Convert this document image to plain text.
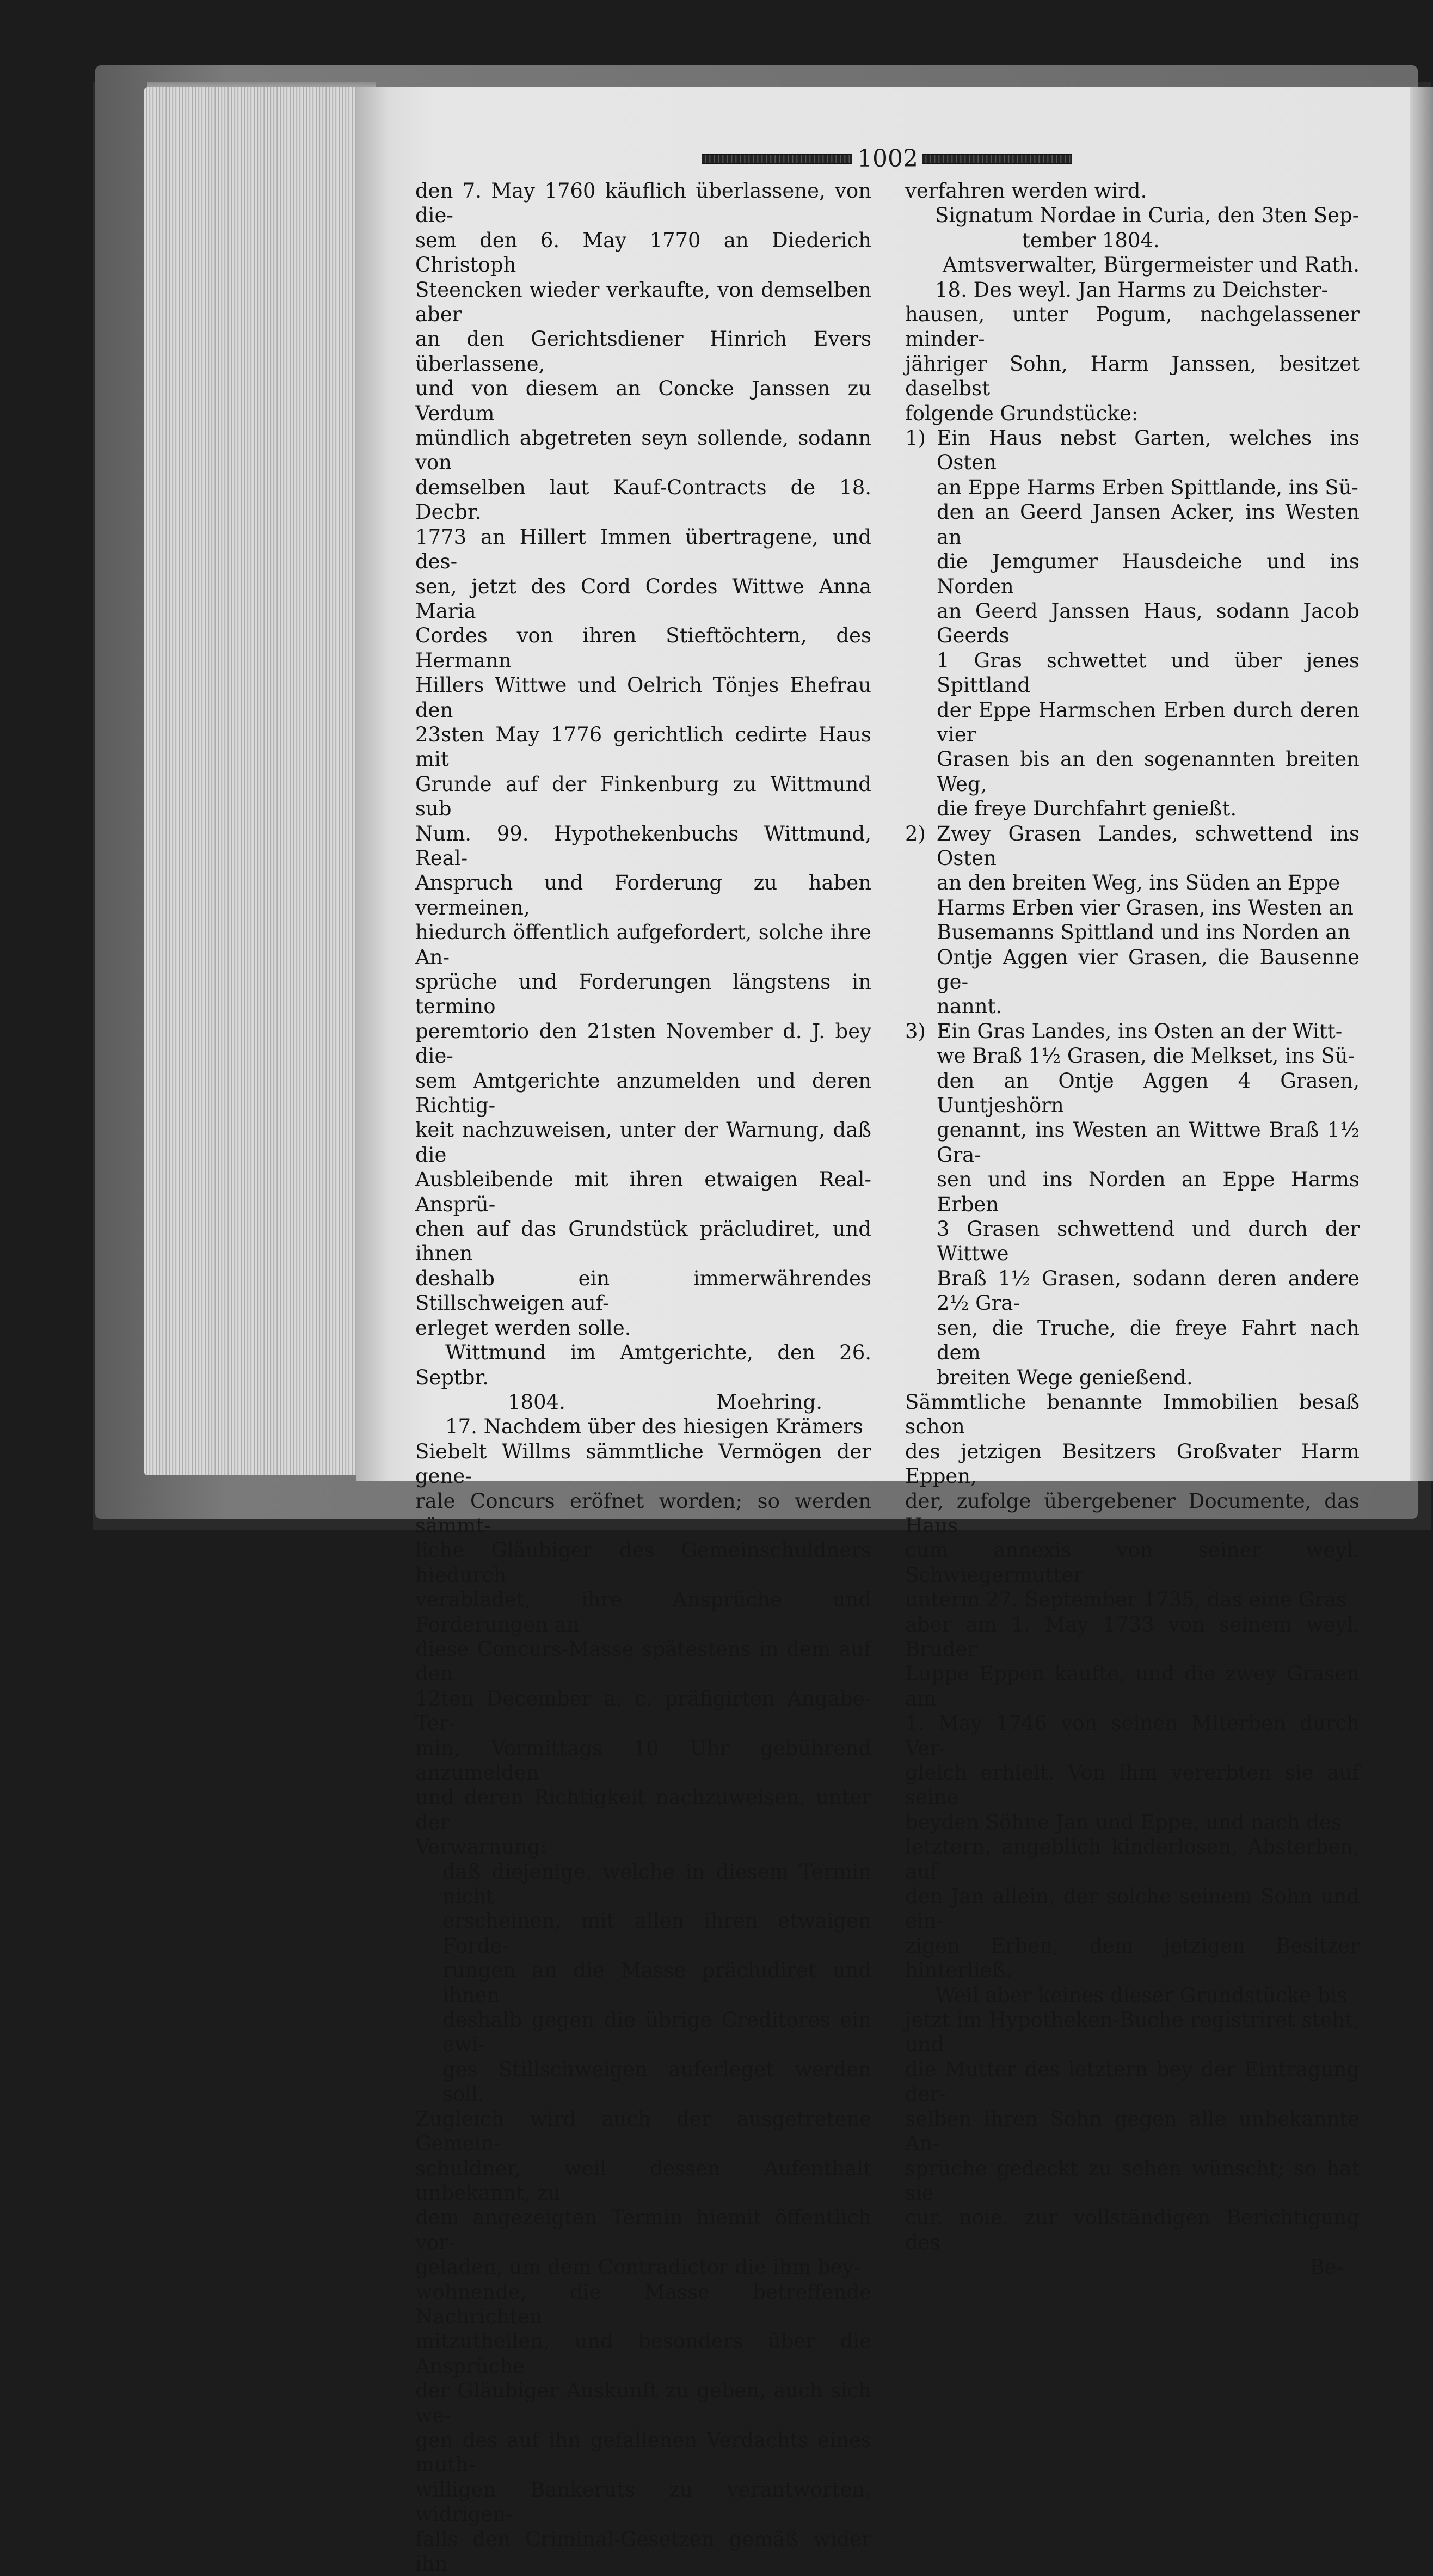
1002

den 7. May 1760 käuflich überlassene, von die-

sem den 6. May 1770 an Diederich Christoph

Steencken wieder verkaufte, von demselben aber

an den Gerichtsdiener Hinrich Evers überlassene,

und von diesem an Concke Janssen zu Verdum

mündlich abgetreten seyn sollende, sodann von

demselben laut Kauf-Contracts de 18. Decbr.

1773 an Hillert Immen übertragene, und des-

sen, jetzt des Cord Cordes Wittwe Anna Maria

Cordes von ihren Stieftöchtern, des Hermann

Hillers Wittwe und Oelrich Tönjes Ehefrau den

23sten May 1776 gerichtlich cedirte Haus mit

Grunde auf der Finkenburg zu Wittmund sub

Num. 99. Hypothekenbuchs Wittmund, Real-

Anspruch und Forderung zu haben vermeinen,

hiedurch öffentlich aufgefordert, solche ihre An-

sprüche und Forderungen längstens in termino

peremtorio den 21sten November d. J. bey die-

sem Amtgerichte anzumelden und deren Richtig-

keit nachzuweisen, unter der Warnung, daß die

Ausbleibende mit ihren etwaigen Real-Ansprü-

chen auf das Grundstück präcludiret, und ihnen

deshalb ein immerwährendes Stillschweigen auf-

erleget werden solle.

Wittmund im Amtgerichte, den 26. Septbr.

1804.	Moehring.

17. Nachdem über des hiesigen Krämers

Siebelt Willms sämmtliche Vermögen der gene-

rale Concurs eröfnet worden; so werden sämmt-

liche Gläubiger des Gemeinschuldners hiedurch

verabladet, ihre Ansprüche und Forderungen an

diese Concurs-Masse spätestens in dem auf den

12ten December a. c. präfigirten Angabe-Ter-

min, Vormittags 10 Uhr gebührend anzumelden

und deren Richtigkeit nachzuweisen, unter der

Verwarnung:

daß diejenige, welche in diesem Termin nicht

erscheinen, mit allen ihren etwaigen Forde-

rungen an die Masse präcludiret und ihnen

deshalb gegen die übrige Creditores ein ewi-

ges Stillschweigen auferleget werden soll.

Zugleich wird auch der ausgetretene Gemein-

schuldner, weil dessen Aufenthalt unbekannt, zu

dem angezeigten Termin hiemit öffentlich vor-

geladen, um dem Contradictor die ihm bey-

wohnende, die Masse betreffende Nachrichten

mitzutheilen, und besonders über die Ansprüche

der Gläubiger Auskunft zu geben, auch sich we-

gen des auf ihn gefallenen Verdachts eines muth-

willigen Bankeruts zu verantworten, widrigen-

falls den Criminal-Gesetzen gemäß wider ihn

verfahren werden wird.

Signatum Nordae in Curia, den 3ten Sep-

tember 1804.

Amtsverwalter, Bürgermeister und Rath.

18. Des weyl. Jan Harms zu Deichster-

hausen, unter Pogum, nachgelassener minder-

jähriger Sohn, Harm Janssen, besitzet daselbst

folgende Grundstücke:

1) Ein Haus nebst Garten, welches ins Osten

an Eppe Harms Erben Spittlande, ins Sü-

den an Geerd Jansen Acker, ins Westen an

die Jemgumer Hausdeiche und ins Norden

an Geerd Janssen Haus, sodann Jacob Geerds

1 Gras schwettet und über jenes Spittland

der Eppe Harmschen Erben durch deren vier

Grasen bis an den sogenannten breiten Weg,

die freye Durchfahrt genießt.

2) Zwey Grasen Landes, schwettend ins Osten

an den breiten Weg, ins Süden an Eppe

Harms Erben vier Grasen, ins Westen an

Busemanns Spittland und ins Norden an

Ontje Aggen vier Grasen, die Bausenne ge-

nannt.

3) Ein Gras Landes, ins Osten an der Witt-

we Braß 1½ Grasen, die Melkset, ins Sü-

den an Ontje Aggen 4 Grasen, Uuntjeshörn

genannt, ins Westen an Wittwe Braß 1½ Gra-

sen und ins Norden an Eppe Harms Erben

3 Grasen schwettend und durch der Wittwe

Braß 1½ Grasen, sodann deren andere 2½ Gra-

sen, die Truche, die freye Fahrt nach dem

breiten Wege genießend.

Sämmtliche benannte Immobilien besaß schon

des jetzigen Besitzers Großvater Harm Eppen,

der, zufolge übergebener Documente, das Haus

cum annexis von seiner weyl. Schwiegermutter

unterm 27. September 1735, das eine Gras

aber am 1. May 1733 von seinem weyl. Bruder

Luppe Eppen kaufte, und die zwey Grasen am

1. May 1746 von seinen Miterben durch Ver-

gleich erhielt. Von ihm vererbten sie auf seine

beyden Söhne Jan und Eppe, und nach des

letztern, angeblich kinderlosen, Absterben, auf

den Jan allein, der solche seinem Sohn und ein-

zigen Erben, dem jetzigen Besitzer hinterließ.

Weil aber keines dieser Grundstücke bis

jetzt im Hypotheken-Buche registriret steht, und

die Mutter des letztern bey der Eintragung der-

selben ihren Sohn gegen alle unbekannte An-

sprüche gedeckt zu sehen wünscht; so hat sie

cur. noie. zur vollständigen Berichtigung des

Be-
